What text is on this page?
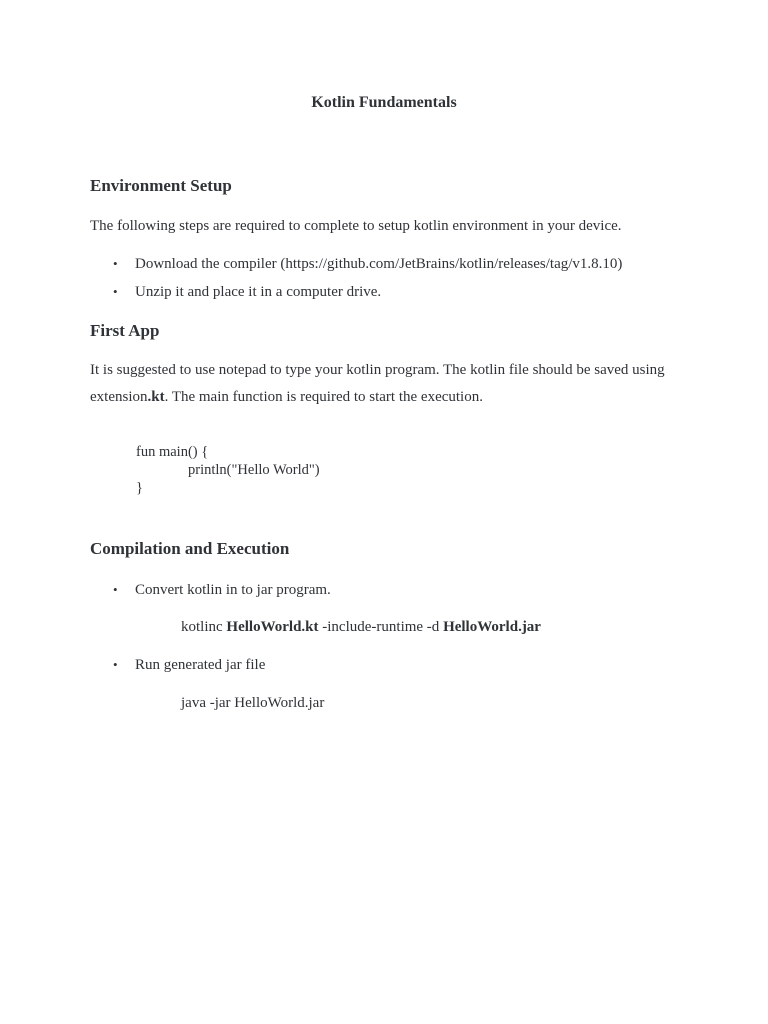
Kotlin Fundamentals
Environment Setup

The following steps are required to complete to setup kotlin environment in your device.

• Download the compiler (https://github.com/JetBrains/kotlin/releases/tag/v1.8.10)

• Unzip it and place it in a computer drive.

First App

It is suggested to use notepad to type your kotlin program. The kotlin file should be saved using
extension.kt. The main function is required to start the execution.

fun main() {

println("Hello World")

}

Compilation and Execution

• Convert kotlin in to jar program.

kotlinc HelloWorld.kt -include-runtime -d HelloWorld.jar

• Run generated jar file

java -jar HelloWorld.jar
